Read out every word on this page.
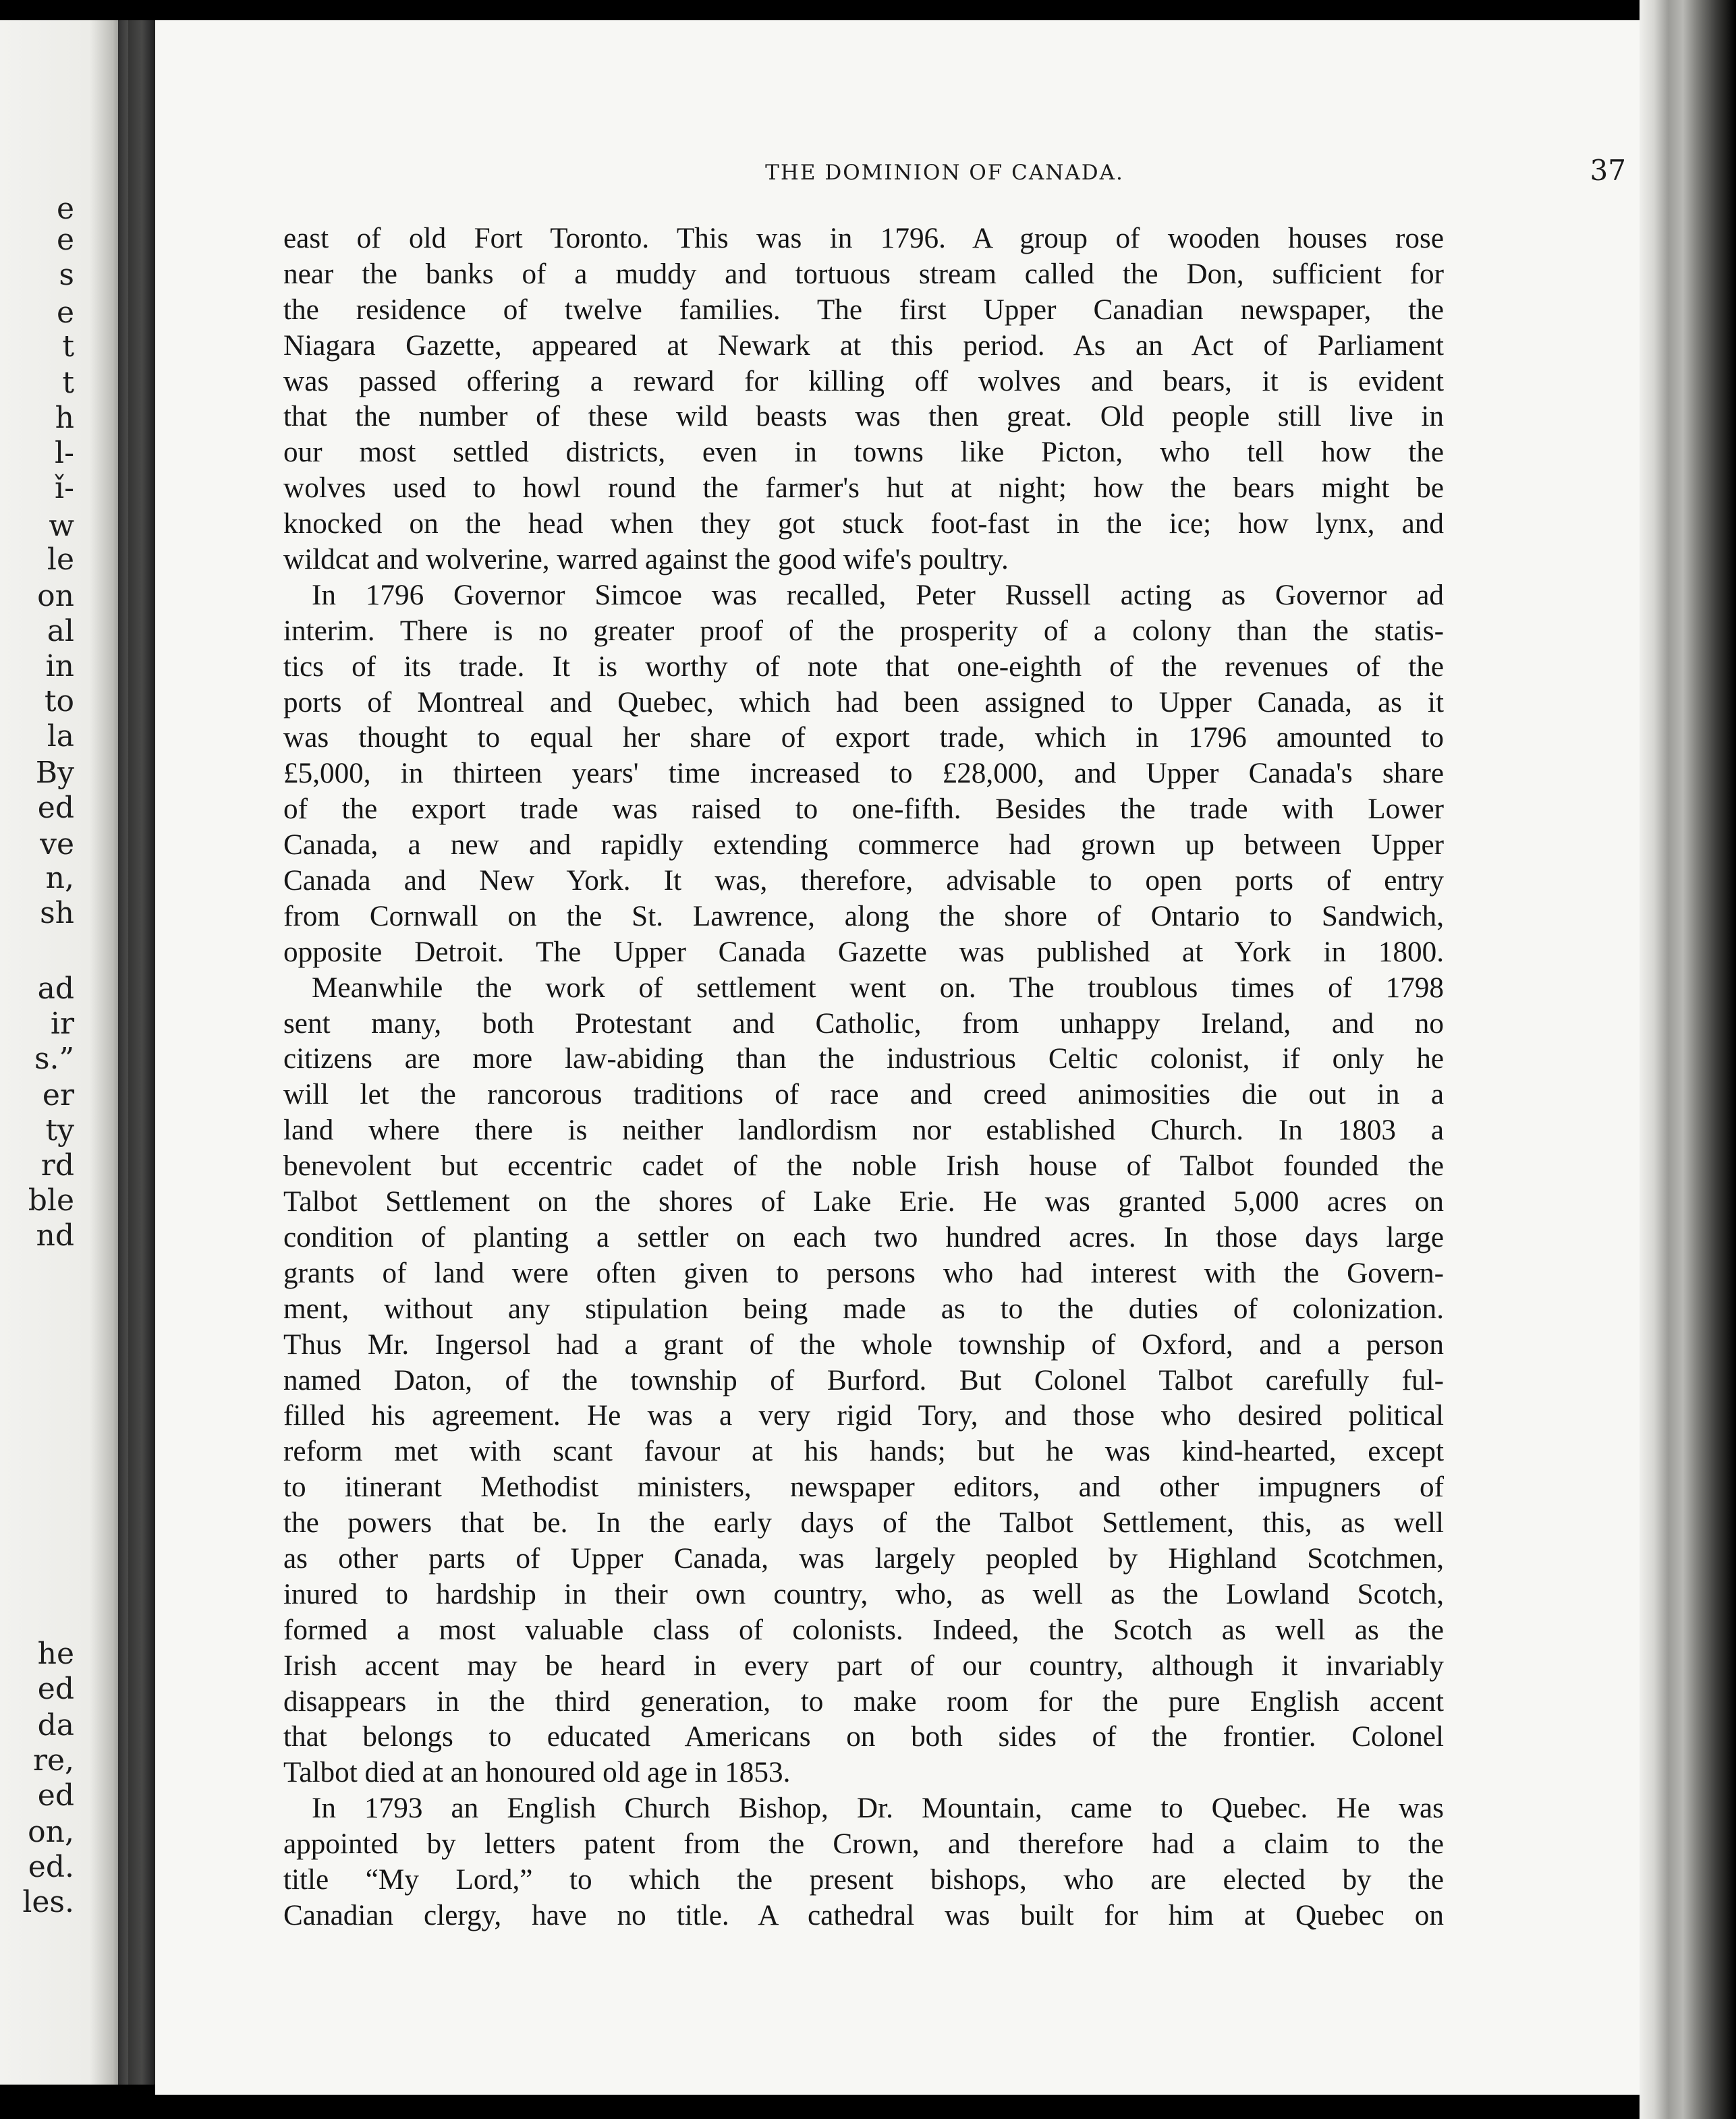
e
e
s
e
t
t
h
l-
ǐ-
w
le
on
al
in
to
la
By
ed
ve
n,
sh
ad
ir
s.”
er
ty
rd
ble
nd
he
ed
da
re,
ed
on,
ed.
les.
THE DOMINION OF CANADA.	37
east of old Fort Toronto. This was in 1796. A group of wooden houses rose
near the banks of a muddy and tortuous stream called the Don, sufficient for
the residence of twelve families. The first Upper Canadian newspaper, the
Niagara Gazette, appeared at Newark at this period. As an Act of Parliament
was passed offering a reward for killing off wolves and bears, it is evident
that the number of these wild beasts was then great. Old people still live in
our most settled districts, even in towns like Picton, who tell how the
wolves used to howl round the farmer's hut at night; how the bears might be
knocked on the head when they got stuck foot-fast in the ice; how lynx, and
wildcat and wolverine, warred against the good wife's poultry.
In 1796 Governor Simcoe was recalled, Peter Russell acting as Governor ad
interim. There is no greater proof of the prosperity of a colony than the statis-
tics of its trade. It is worthy of note that one-eighth of the revenues of the
ports of Montreal and Quebec, which had been assigned to Upper Canada, as it
was thought to equal her share of export trade, which in 1796 amounted to
£5,000, in thirteen years' time increased to £28,000, and Upper Canada's share
of the export trade was raised to one-fifth. Besides the trade with Lower
Canada, a new and rapidly extending commerce had grown up between Upper
Canada and New York. It was, therefore, advisable to open ports of entry
from Cornwall on the St. Lawrence, along the shore of Ontario to Sandwich,
opposite Detroit. The Upper Canada Gazette was published at York in 1800.
Meanwhile the work of settlement went on. The troublous times of 1798
sent many, both Protestant and Catholic, from unhappy Ireland, and no
citizens are more law-abiding than the industrious Celtic colonist, if only he
will let the rancorous traditions of race and creed animosities die out in a
land where there is neither landlordism nor established Church. In 1803 a
benevolent but eccentric cadet of the noble Irish house of Talbot founded the
Talbot Settlement on the shores of Lake Erie. He was granted 5,000 acres on
condition of planting a settler on each two hundred acres. In those days large
grants of land were often given to persons who had interest with the Govern-
ment, without any stipulation being made as to the duties of colonization.
Thus Mr. Ingersol had a grant of the whole township of Oxford, and a person
named Daton, of the township of Burford. But Colonel Talbot carefully ful-
filled his agreement. He was a very rigid Tory, and those who desired political
reform met with scant favour at his hands; but he was kind-hearted, except
to itinerant Methodist ministers, newspaper editors, and other impugners of
the powers that be. In the early days of the Talbot Settlement, this, as well
as other parts of Upper Canada, was largely peopled by Highland Scotchmen,
inured to hardship in their own country, who, as well as the Lowland Scotch,
formed a most valuable class of colonists. Indeed, the Scotch as well as the
Irish accent may be heard in every part of our country, although it invariably
disappears in the third generation, to make room for the pure English accent
that belongs to educated Americans on both sides of the frontier. Colonel
Talbot died at an honoured old age in 1853.
In 1793 an English Church Bishop, Dr. Mountain, came to Quebec. He was
appointed by letters patent from the Crown, and therefore had a claim to the
title “My Lord,” to which the present bishops, who are elected by the
Canadian clergy, have no title. A cathedral was built for him at Quebec on
